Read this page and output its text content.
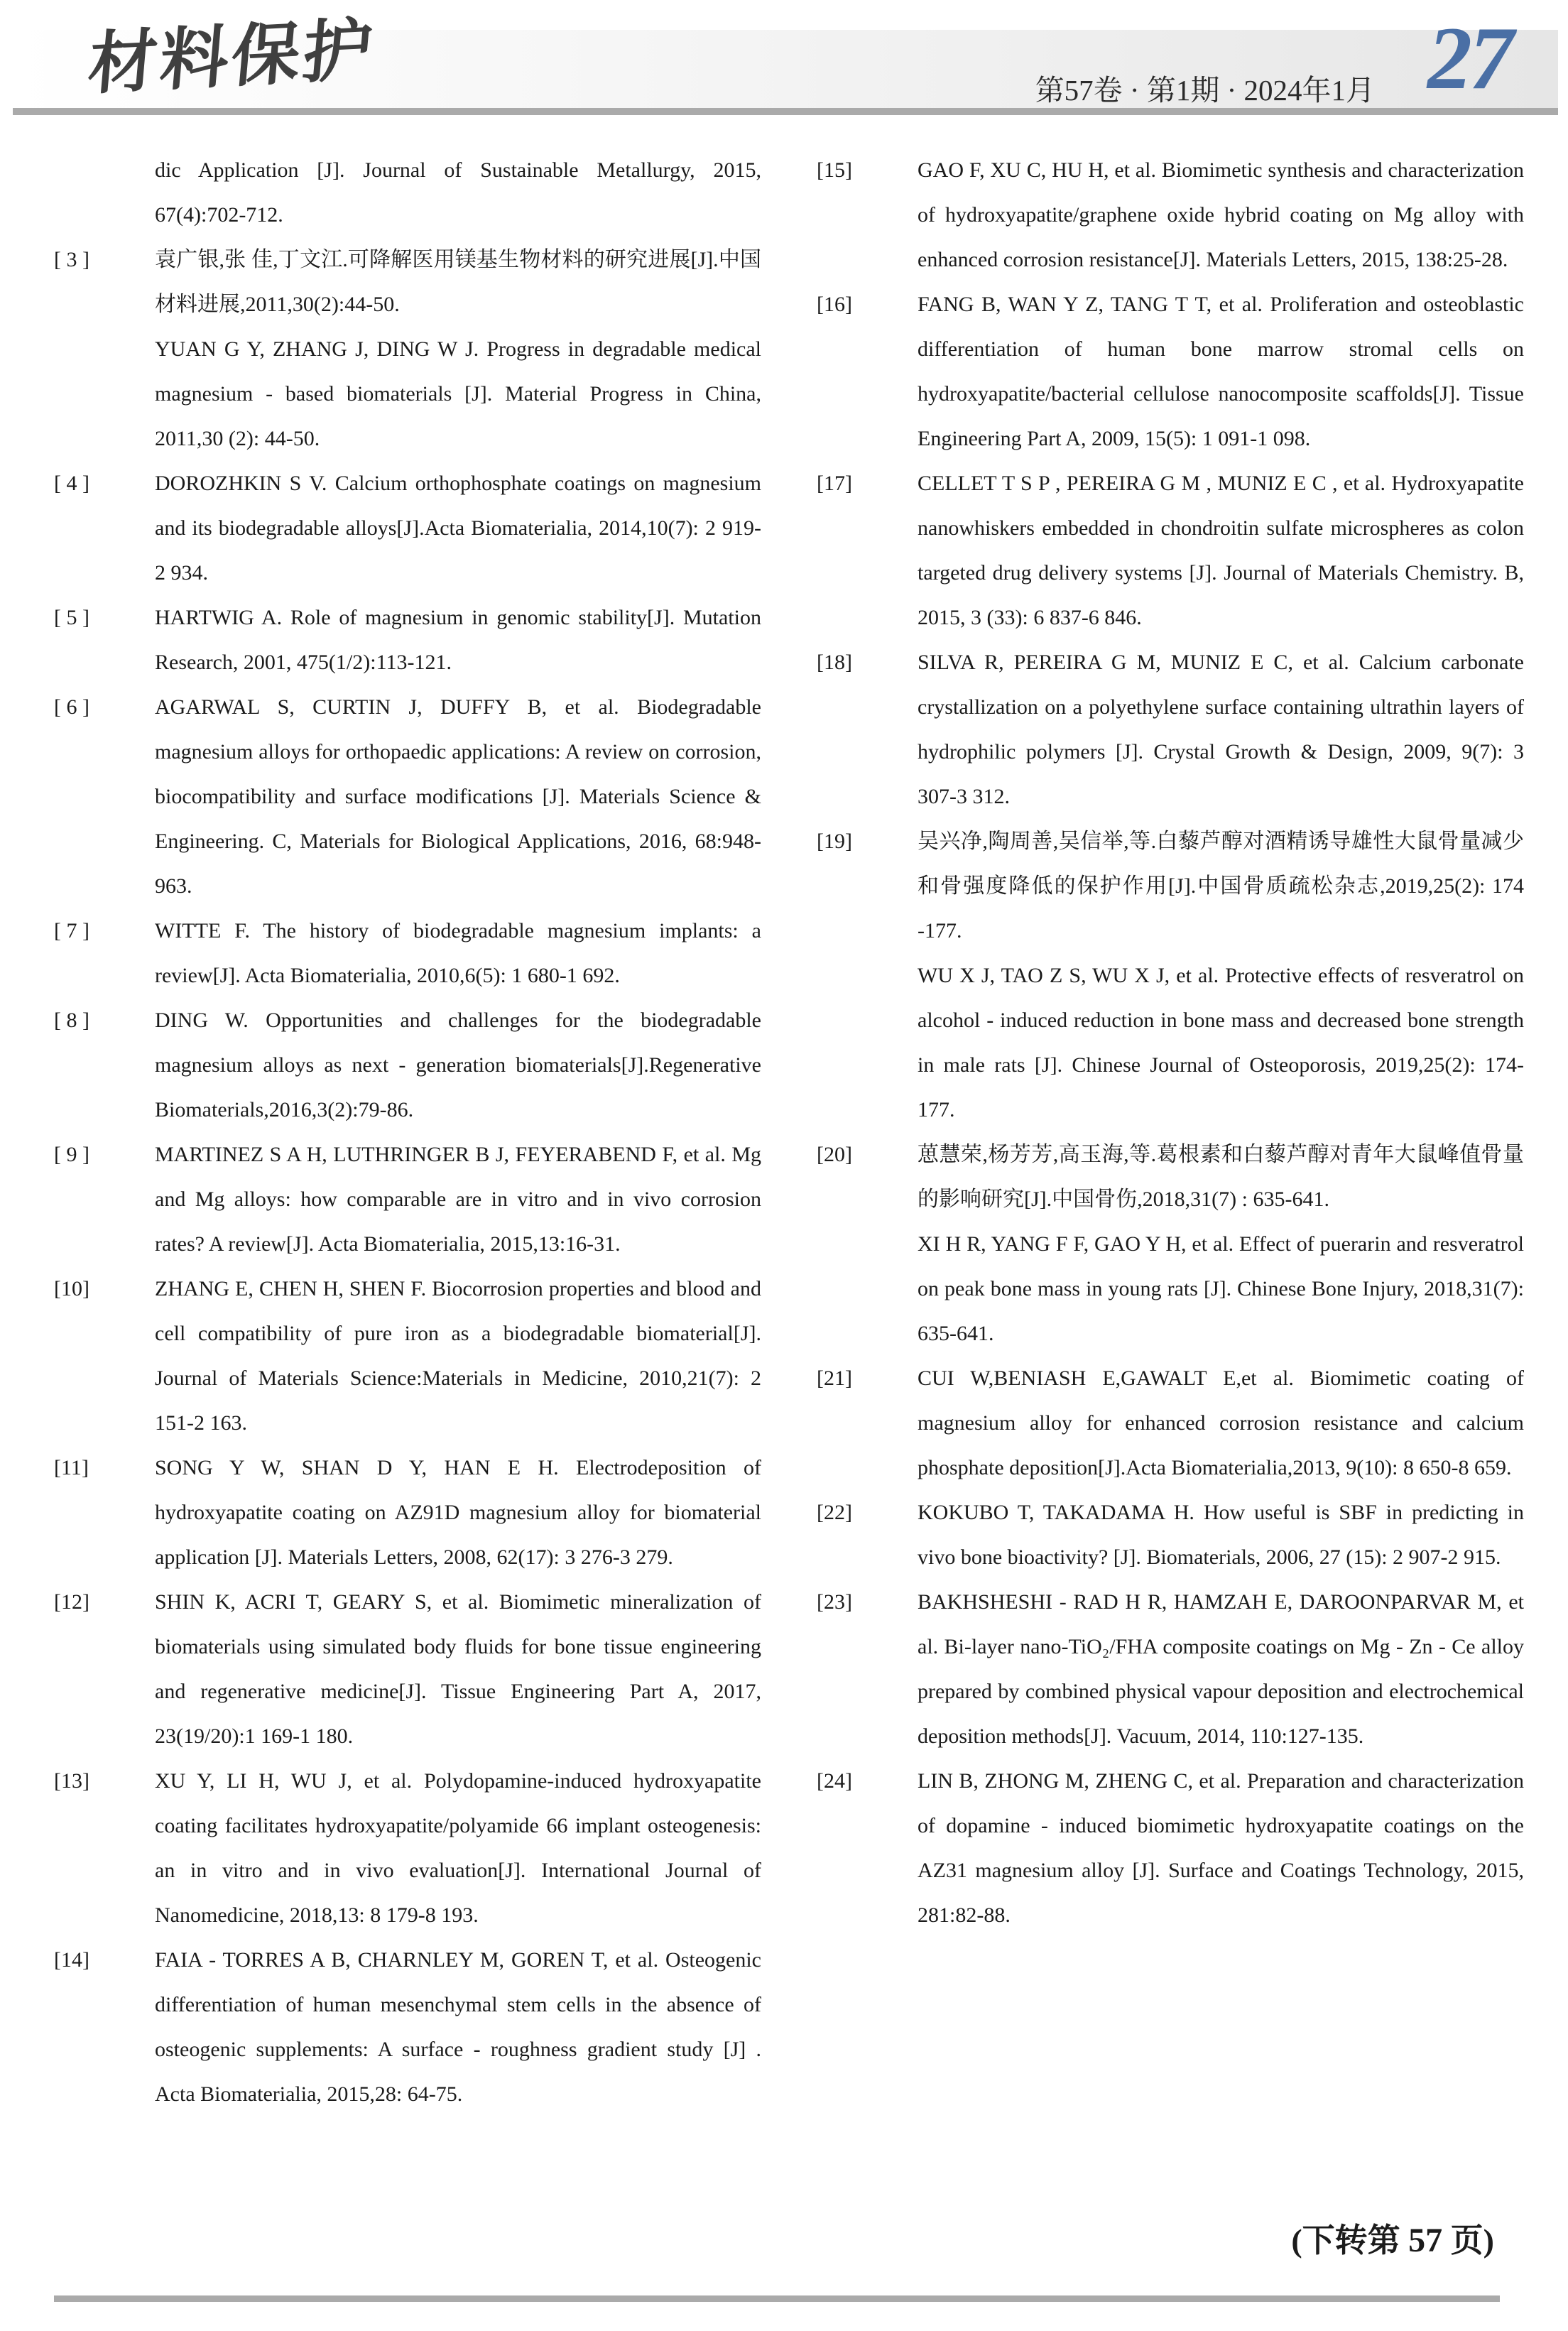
材料保护	第57卷 · 第1期 · 2024年1月 27

dic Application [J]. Journal of Sustainable Metallurgy, 2015, 67(4):702-712.

[ 3 ]	袁广银,张 佳,丁文江.可降解医用镁基生物材料的研究进展[J].中国材料进展,2011,30(2):44-50.

YUAN G Y, ZHANG J, DING W J. Progress in degradable medical magnesium - based biomaterials [J]. Material Progress in China, 2011,30 (2): 44-50.

[ 4 ]	DOROZHKIN S V. Calcium orthophosphate coatings on magnesium and its biodegradable alloys[J].Acta Biomaterialia, 2014,10(7): 2 919-2 934.

[ 5 ]	HARTWIG A. Role of magnesium in genomic stability[J]. Mutation Research, 2001, 475(1/2):113-121.

[ 6 ]	AGARWAL S, CURTIN J, DUFFY B, et al. Biodegradable magnesium alloys for orthopaedic applications: A review on corrosion, biocompatibility and surface modifications [J]. Materials Science & Engineering. C, Materials for Biological Applications, 2016, 68:948-963.

[ 7 ]	WITTE F. The history of biodegradable magnesium implants: a review[J]. Acta Biomaterialia, 2010,6(5): 1 680-1 692.

[ 8 ]	DING W. Opportunities and challenges for the biodegradable magnesium alloys as next - generation biomaterials[J].Regenerative Biomaterials,2016,3(2):79-86.

[ 9 ]	MARTINEZ S A H, LUTHRINGER B J, FEYERABEND F, et al. Mg and Mg alloys: how comparable are in vitro and in vivo corrosion rates? A review[J]. Acta Biomaterialia, 2015,13:16-31.

[10]	ZHANG E, CHEN H, SHEN F. Biocorrosion properties and blood and cell compatibility of pure iron as a biodegradable biomaterial[J]. Journal of Materials Science:Materials in Medicine, 2010,21(7): 2 151-2 163.

[11]	SONG Y W, SHAN D Y, HAN E H. Electrodeposition of hydroxyapatite coating on AZ91D magnesium alloy for biomaterial application [J]. Materials Letters, 2008, 62(17): 3 276-3 279.

[12]	SHIN K, ACRI T, GEARY S, et al. Biomimetic mineralization of biomaterials using simulated body fluids for bone tissue engineering and regenerative medicine[J]. Tissue Engineering Part A, 2017, 23(19/20):1 169-1 180.

[13]	XU Y, LI H, WU J, et al. Polydopamine-induced hydroxyapatite coating facilitates hydroxyapatite/polyamide 66 implant osteogenesis: an in vitro and in vivo evaluation[J]. International Journal of Nanomedicine, 2018,13: 8 179-8 193.

[14]	FAIA - TORRES A B, CHARNLEY M, GOREN T, et al. Osteogenic differentiation of human mesenchymal stem cells in the absence of osteogenic supplements: A surface - roughness gradient study [J] . Acta Biomaterialia, 2015,28: 64-75.

[15]	GAO F, XU C, HU H, et al. Biomimetic synthesis and characterization of hydroxyapatite/graphene oxide hybrid coating on Mg alloy with enhanced corrosion resistance[J]. Materials Letters, 2015, 138:25-28.

[16]	FANG B, WAN Y Z, TANG T T, et al. Proliferation and osteoblastic differentiation of human bone marrow stromal cells on hydroxyapatite/bacterial cellulose nanocomposite scaffolds[J]. Tissue Engineering Part A, 2009, 15(5): 1 091-1 098.

[17]	CELLET T S P , PEREIRA G M , MUNIZ E C , et al. Hydroxyapatite nanowhiskers embedded in chondroitin sulfate microspheres as colon targeted drug delivery systems [J]. Journal of Materials Chemistry. B, 2015, 3 (33): 6 837-6 846.

[18]	SILVA R, PEREIRA G M, MUNIZ E C, et al. Calcium carbonate crystallization on a polyethylene surface containing ultrathin layers of hydrophilic polymers [J]. Crystal Growth & Design, 2009, 9(7): 3 307-3 312.

[19]	吴兴净,陶周善,吴信举,等.白藜芦醇对酒精诱导雄性大鼠骨量减少和骨强度降低的保护作用[J].中国骨质疏松杂志,2019,25(2): 174 -177.

WU X J, TAO Z S, WU X J, et al. Protective effects of resveratrol on alcohol - induced reduction in bone mass and decreased bone strength in male rats [J]. Chinese Journal of Osteoporosis, 2019,25(2): 174-177.

[20]	葸慧荣,杨芳芳,高玉海,等.葛根素和白藜芦醇对青年大鼠峰值骨量的影响研究[J].中国骨伤,2018,31(7) : 635-641.

XI H R, YANG F F, GAO Y H, et al. Effect of puerarin and resveratrol on peak bone mass in young rats [J]. Chinese Bone Injury, 2018,31(7): 635-641.

[21]	CUI W,BENIASH E,GAWALT E,et al. Biomimetic coating of magnesium alloy for enhanced corrosion resistance and calcium phosphate deposition[J].Acta Biomaterialia,2013, 9(10): 8 650-8 659.

[22]	KOKUBO T, TAKADAMA H. How useful is SBF in predicting in vivo bone bioactivity? [J]. Biomaterials, 2006, 27 (15): 2 907-2 915.

[23]	BAKHSHESHI - RAD H R, HAMZAH E, DAROONPARVAR M, et al. Bi-layer nano-TiO₂/FHA composite coatings on Mg - Zn - Ce alloy prepared by combined physical vapour deposition and electrochemical deposition methods[J]. Vacuum, 2014, 110:127-135.

[24]	LIN B, ZHONG M, ZHENG C, et al. Preparation and characterization of dopamine - induced biomimetic hydroxyapatite coatings on the AZ31 magnesium alloy [J]. Surface and Coatings Technology, 2015, 281:82-88.

(下转第 57 页)
